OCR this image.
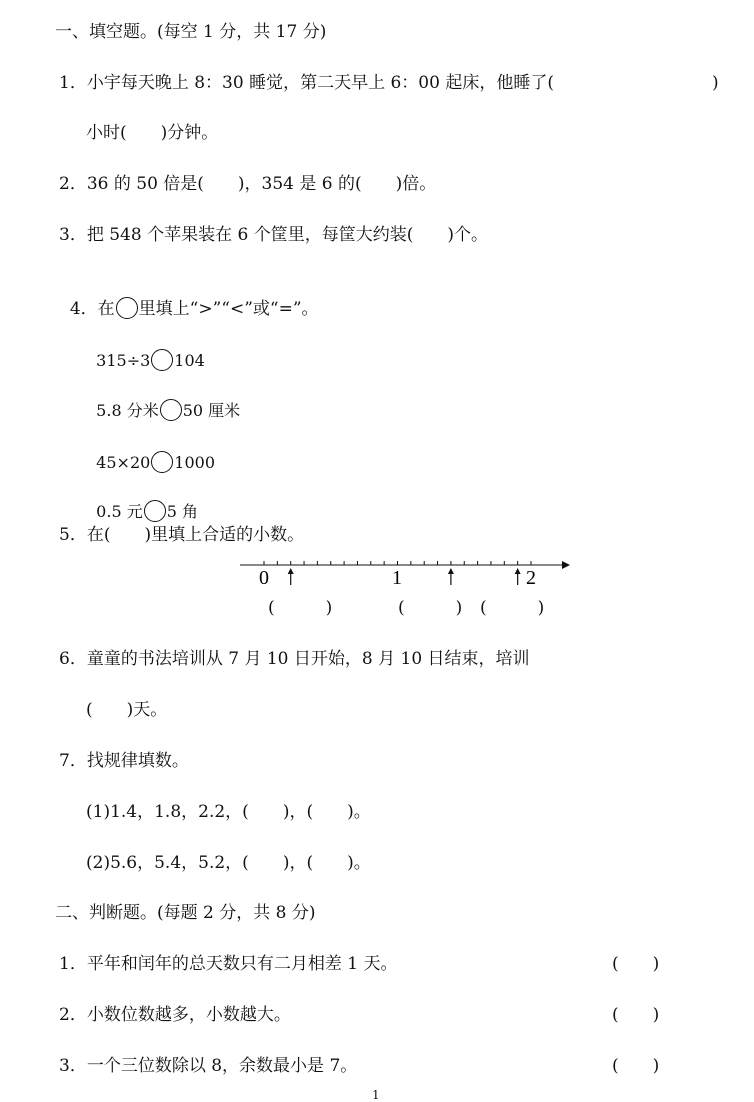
一、填空题。(每空 1 分，共 17 分)
1．小宇每天晚上 8：30 睡觉，第二天早上 6：00 起床，他睡了(	)
小时(　　)分钟。
2．36 的 50 倍是(　　)，354 是 6 的(　　)倍。
3．把 548 个苹果装在 6 个筐里，每筐大约装(　　)个。

4．在 里填上“>”“<”或“=”。

315÷3 104

5.8 分米 50 厘米

45×20 1000

0.5 元 5 角

5．在(　　)里填上合适的小数。
0	1	2
(　　　)	(　　　) (　　　)
6．童童的书法培训从 7 月 10 日开始，8 月 10 日结束，培训
(　　)天。
7．找规律填数。
(1)1.4，1.8，2.2，(　　)，(　　)。
(2)5.6，5.4，5.2，(　　)，(　　)。
二、判断题。(每题 2 分，共 8 分)
1．平年和闰年的总天数只有二月相差 1 天。	(　　)
2．小数位数越多，小数越大。	(　　)
3．一个三位数除以 8，余数最小是 7。	(　　)
1
